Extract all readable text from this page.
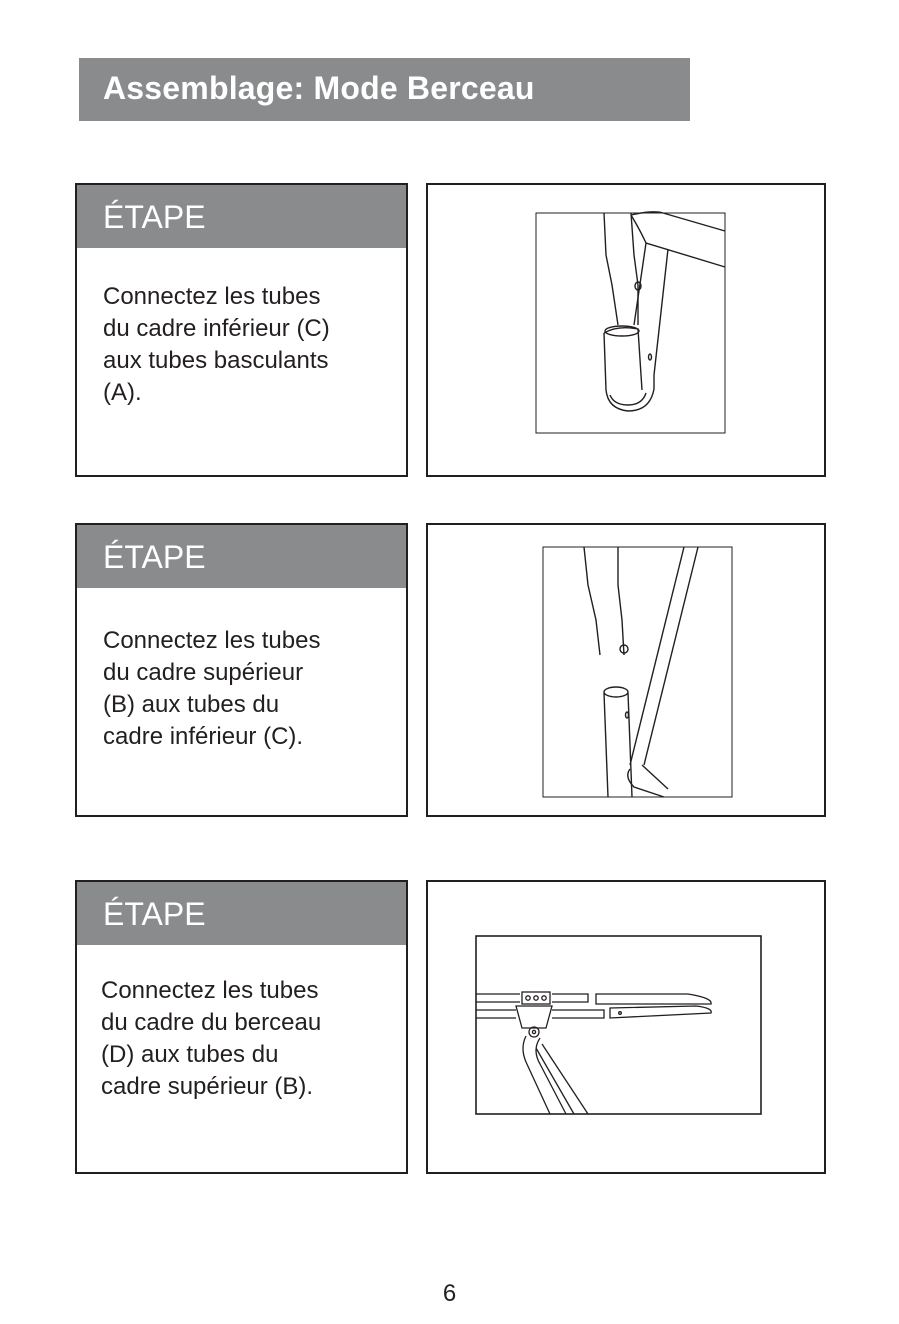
Assemblage: Mode Berceau
ÉTAPE
Connectez les tubes
du cadre inférieur (C)
aux tubes basculants
(A).
ÉTAPE
Connectez les tubes
du cadre supérieur
(B) aux tubes du
cadre inférieur (C).
ÉTAPE
Connectez les tubes
du cadre du berceau
(D) aux tubes du
cadre supérieur (B).
6
